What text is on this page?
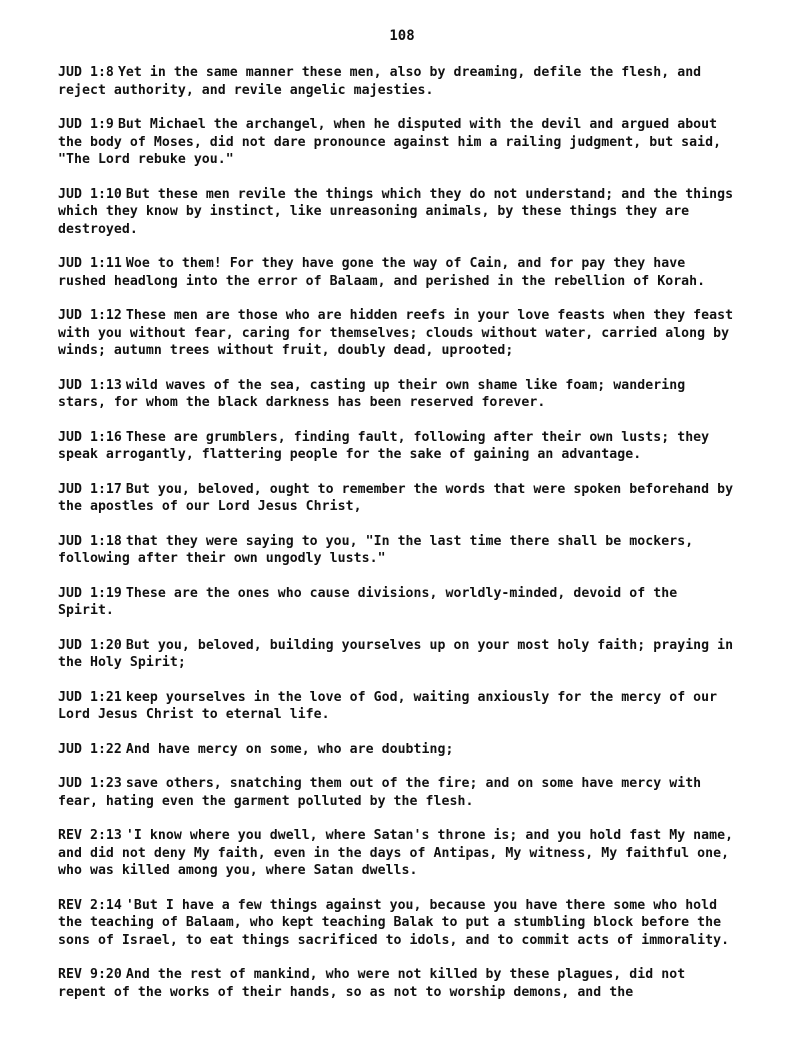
108

JUD 1:8 Yet in the same manner these men, also by dreaming, defile the flesh, and reject authority, and revile angelic majesties.

JUD 1:9 But Michael the archangel, when he disputed with the devil and argued about the body of Moses, did not dare pronounce against him a railing judgment, but said, "The Lord rebuke you."

JUD 1:10 But these men revile the things which they do not understand; and the things which they know by instinct, like unreasoning animals, by these things they are destroyed.

JUD 1:11 Woe to them! For they have gone the way of Cain, and for pay they have rushed headlong into the error of Balaam, and perished in the rebellion of Korah.

JUD 1:12 These men are those who are hidden reefs in your love feasts when they feast with you without fear, caring for themselves; clouds without water, carried along by winds; autumn trees without fruit, doubly dead, uprooted;

JUD 1:13 wild waves of the sea, casting up their own shame like foam; wandering stars, for whom the black darkness has been reserved forever.

JUD 1:16 These are grumblers, finding fault, following after their own lusts; they speak arrogantly, flattering people for the sake of gaining an advantage.

JUD 1:17 But you, beloved, ought to remember the words that were spoken beforehand by the apostles of our Lord Jesus Christ,

JUD 1:18 that they were saying to you, "In the last time there shall be mockers, following after their own ungodly lusts."

JUD 1:19 These are the ones who cause divisions, worldly-minded, devoid of the Spirit.

JUD 1:20 But you, beloved, building yourselves up on your most holy faith; praying in the Holy Spirit;

JUD 1:21 keep yourselves in the love of God, waiting anxiously for the mercy of our Lord Jesus Christ to eternal life.

JUD 1:22 And have mercy on some, who are doubting;

JUD 1:23 save others, snatching them out of the fire; and on some have mercy with fear, hating even the garment polluted by the flesh.

REV 2:13 'I know where you dwell, where Satan's throne is; and you hold fast My name, and did not deny My faith, even in the days of Antipas, My witness, My faithful one, who was killed among you, where Satan dwells.

REV 2:14 'But I have a few things against you, because you have there some who hold the teaching of Balaam, who kept teaching Balak to put a stumbling block before the sons of Israel, to eat things sacrificed to idols, and to commit acts of immorality.

REV 9:20 And the rest of mankind, who were not killed by these plagues, did not repent of the works of their hands, so as not to worship demons, and the
